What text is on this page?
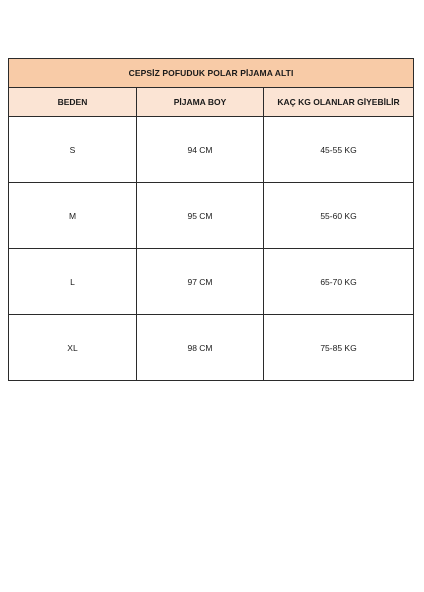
CEPSİZ POFUDUK POLAR PİJAMA ALTI		
BEDEN	PİJAMA BOY	KAÇ KG OLANLAR GİYEBİLİR
S	94 CM	45-55 KG
M	95 CM	55-60 KG
L	97 CM	65-70 KG
XL	98 CM	75-85 KG
